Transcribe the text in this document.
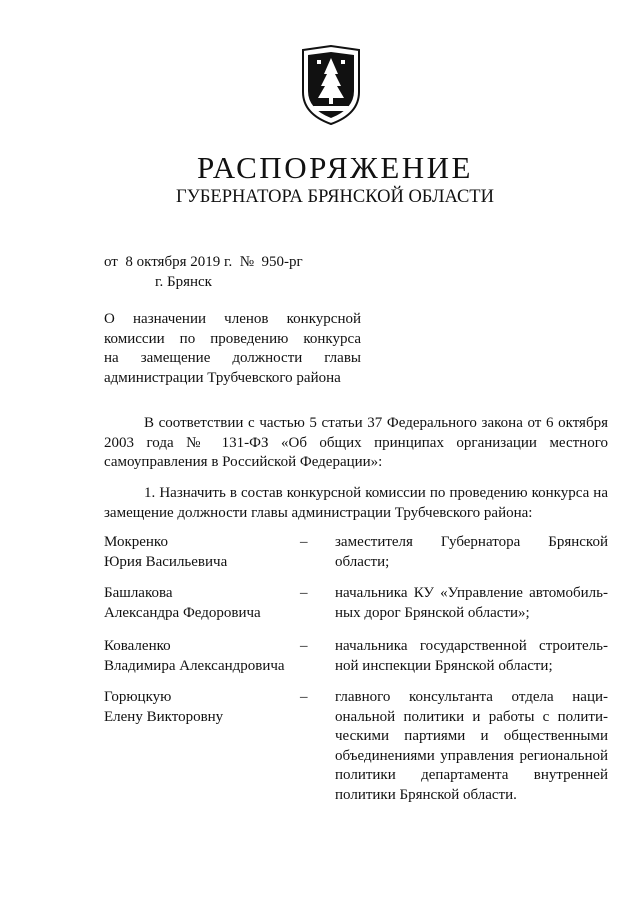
РАСПОРЯЖЕНИЕ
ГУБЕРНАТОРА БРЯНСКОЙ ОБЛАСТИ
от  8 октября 2019 г.  №  950-рг
г. Брянск
О назначении членов конкурсной
комиссии по проведению конкурса
на замещение должности главы
администрации Трубчевского района
В соответствии с частью 5 статьи 37 Федерального закона от 6 октября 2003 года № 131-ФЗ «Об общих принципах организации местного самоуправления в Российской Федерации»:
1. Назначить в состав конкурсной комиссии по проведению конкурса на замещение должности главы администрации Трубчевского района:
Мокренко
Юрия Васильевича
– заместителя Губернатора Брянской
области;
Башлакова
Александра Федоровича
– начальника КУ «Управление автомобиль-
ных дорог Брянской области»;
Коваленко
Владимира Александровича
– начальника государственной строитель-
ной инспекции Брянской области;
Горюцкую
Елену Викторовну
– главного консультанта отдела наци-
ональной политики и работы с полити-
ческими партиями и общественными
объединениями управления региональной
политики департамента внутренней
политики Брянской области.
